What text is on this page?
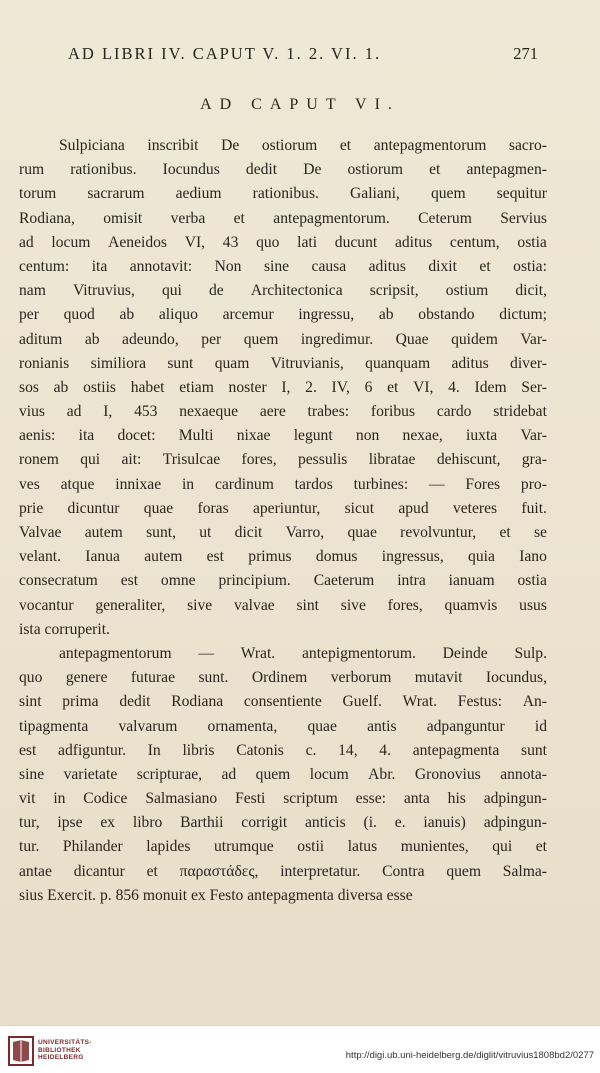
AD LIBRI IV. CAPUT V. 1. 2. VI. 1.	271
AD CAPUT VI.
Sulpiciana inscribit De ostiorum et antepagmentorum sacro-
rum rationibus. Iocundus dedit De ostiorum et antepagmen-
torum sacrarum aedium rationibus. Galiani, quem sequitur
Rodiana, omisit verba et antepagmentorum. Ceterum Servius
ad locum Aeneidos VI, 43 quo lati ducunt aditus centum, ostia
centum: ita annotavit: Non sine causa aditus dixit et ostia:
nam Vitruvius, qui de Architectonica scripsit, ostium dicit,
per quod ab aliquo arcemur ingressu, ab obstando dictum;
aditum ab adeundo, per quem ingredimur. Quae quidem Var-
ronianis similiora sunt quam Vitruvianis, quanquam aditus diver-
sos ab ostiis habet etiam noster I, 2. IV, 6 et VI, 4. Idem Ser-
vius ad I, 453 nexaeque aere trabes: foribus cardo stridebat
aenis: ita docet: Multi nixae legunt non nexae, iuxta Var-
ronem qui ait: Trisulcae fores, pessulis libratae dehiscunt, gra-
ves atque innixae in cardinum tardos turbines: — Fores pro-
prie dicuntur quae foras aperiuntur, sicut apud veteres fuit.
Valvae autem sunt, ut dicit Varro, quae revolvuntur, et se
velant. Ianua autem est primus domus ingressus, quia Iano
consecratum est omne principium. Caeterum intra ianuam ostia
vocantur generaliter, sive valvae sint sive fores, quamvis usus
ista corruperit.
antepagmentorum — Wrat. antepigmentorum. Deinde Sulp.
quo genere futurae sunt. Ordinem verborum mutavit Iocundus,
sint prima dedit Rodiana consentiente Guelf. Wrat. Festus: An-
tipagmenta valvarum ornamenta, quae antis adpanguntur id
est adfiguntur. In libris Catonis c. 14, 4. antepagmenta sunt
sine varietate scripturae, ad quem locum Abr. Gronovius annota-
vit in Codice Salmasiano Festi scriptum esse: anta his adpingun-
tur, ipse ex libro Barthii corrigit anticis (i. e. ianuis) adpingun-
tur. Philander lapides utrumque ostii latus munientes, qui et
antae dicantur et παραστάδες, interpretatur. Contra quem Salma-
sius Exercit. p. 856 monuit ex Festo antepagmenta diversa esse
UNIVERSITÄTS-
BIBLIOTHEK
HEIDELBERG	http://digi.ub.uni-heidelberg.de/diglit/vitruvius1808bd2/0277
